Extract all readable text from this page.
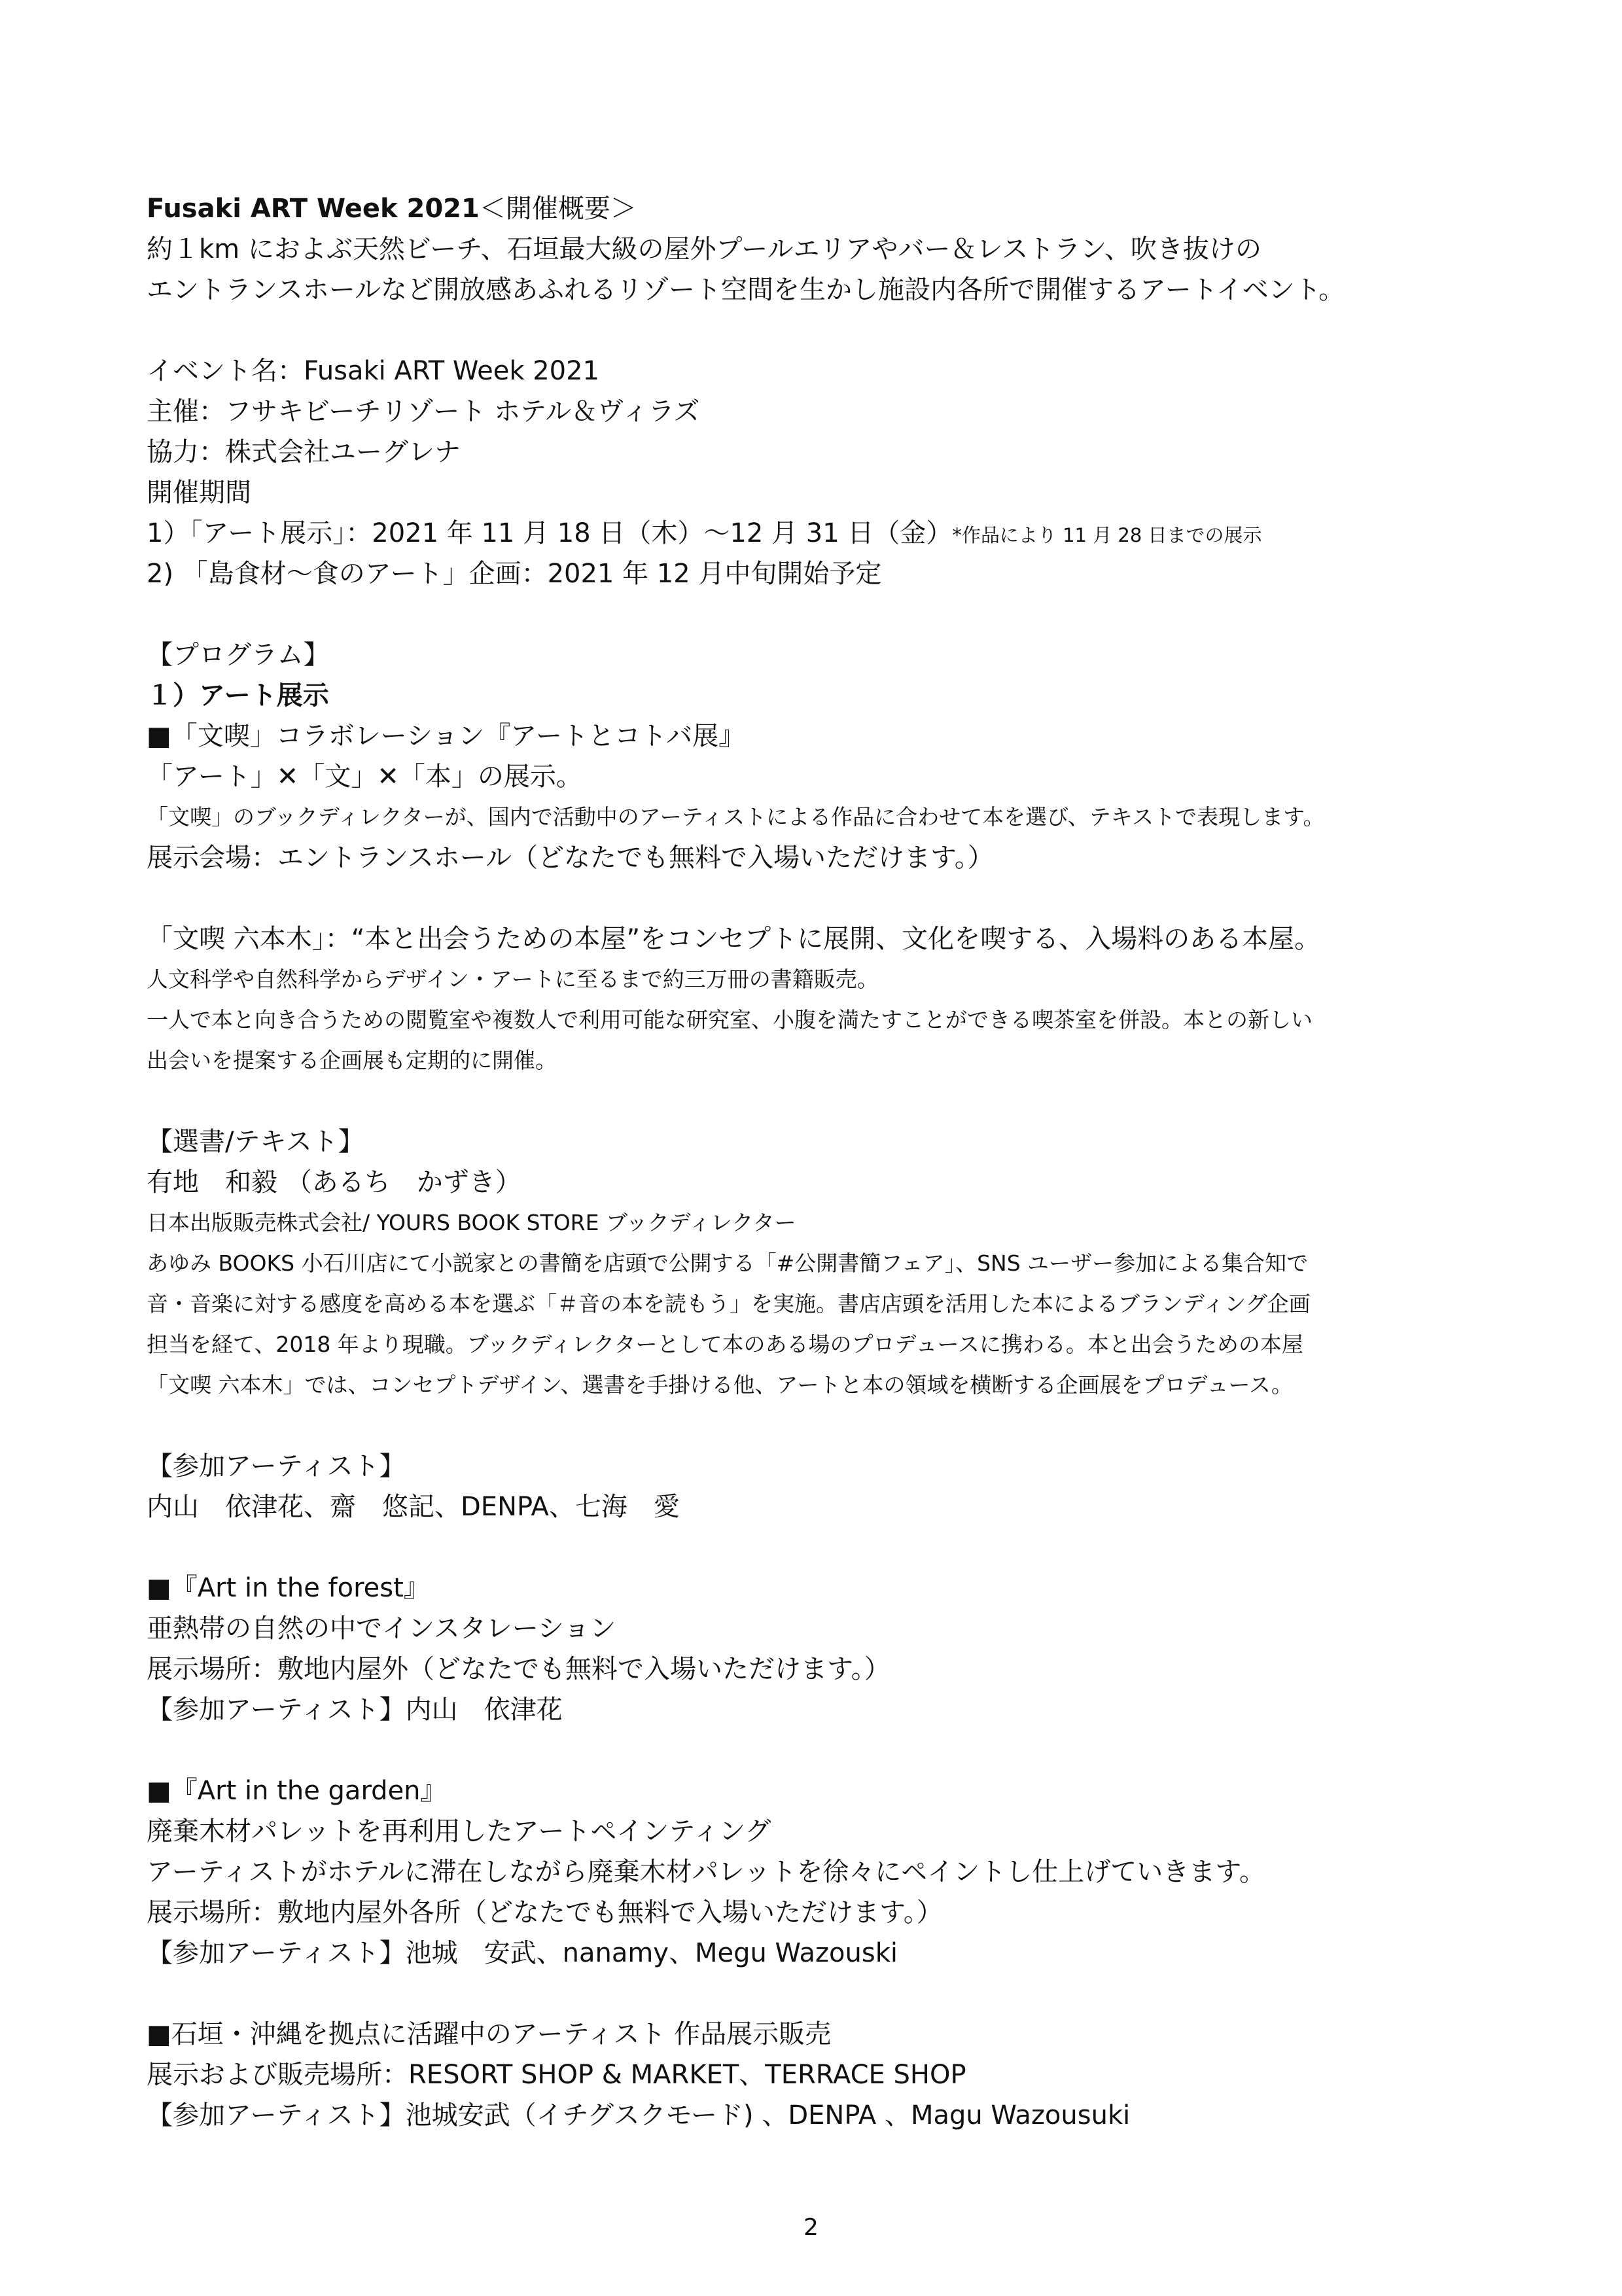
Fusaki ART Week 2021＜開催概要＞
約１km におよぶ天然ビーチ、石垣最大級の屋外プールエリアやバー＆レストラン、吹き抜けの
エントランスホールなど開放感あふれるリゾート空間を生かし施設内各所で開催するアートイベント。
イベント名：Fusaki ART Week 2021
主催：フサキビーチリゾート ホテル＆ヴィラズ
協力：株式会社ユーグレナ
開催期間
1）「アート展示」：2021 年 11 月 18 日（木）～12 月 31 日（金）*作品により 11 月 28 日までの展示
2) 「島食材～食のアート」企画：2021 年 12 月中旬開始予定
【プログラム】
１）アート展示
■「文喫」コラボレーション『アートとコトバ展』
「アート」✕「文」✕「本」の展示。
「文喫」のブックディレクターが、国内で活動中のアーティストによる作品に合わせて本を選び、テキストで表現します。
展示会場：エントランスホール（どなたでも無料で入場いただけます。）
「文喫 六本木」：“本と出会うための本屋”をコンセプトに展開、文化を喫する、入場料のある本屋。
人文科学や自然科学からデザイン・アートに至るまで約三万冊の書籍販売。
一人で本と向き合うための閲覧室や複数人で利用可能な研究室、小腹を満たすことができる喫茶室を併設。本との新しい
出会いを提案する企画展も定期的に開催。
【選書/テキスト】
有地　和毅 （あるち　かずき）
日本出版販売株式会社/ YOURS BOOK STORE ブックディレクター
あゆみ BOOKS 小石川店にて小説家との書簡を店頭で公開する「#公開書簡フェア」、SNS ユーザー参加による集合知で
音・音楽に対する感度を高める本を選ぶ「＃音の本を読もう」を実施。書店店頭を活用した本によるブランディング企画
担当を経て、2018 年より現職。ブックディレクターとして本のある場のプロデュースに携わる。本と出会うための本屋
「文喫 六本木」では、コンセプトデザイン、選書を手掛ける他、アートと本の領域を横断する企画展をプロデュース。
【参加アーティスト】
内山　依津花、齋　悠記、DENPA、七海　愛
■『Art in the forest』
亜熱帯の自然の中でインスタレーション
展示場所：敷地内屋外（どなたでも無料で入場いただけます。）
【参加アーティスト】内山　依津花
■『Art in the garden』
廃棄木材パレットを再利用したアートペインティング
アーティストがホテルに滞在しながら廃棄木材パレットを徐々にペイントし仕上げていきます。
展示場所：敷地内屋外各所（どなたでも無料で入場いただけます。）
【参加アーティスト】池城　安武、nanamy、Megu Wazouski
■石垣・沖縄を拠点に活躍中のアーティスト 作品展示販売
展示および販売場所：RESORT SHOP & MARKET、TERRACE SHOP
【参加アーティスト】池城安武（イチグスクモード) 、DENPA 、Magu Wazousuki
2
